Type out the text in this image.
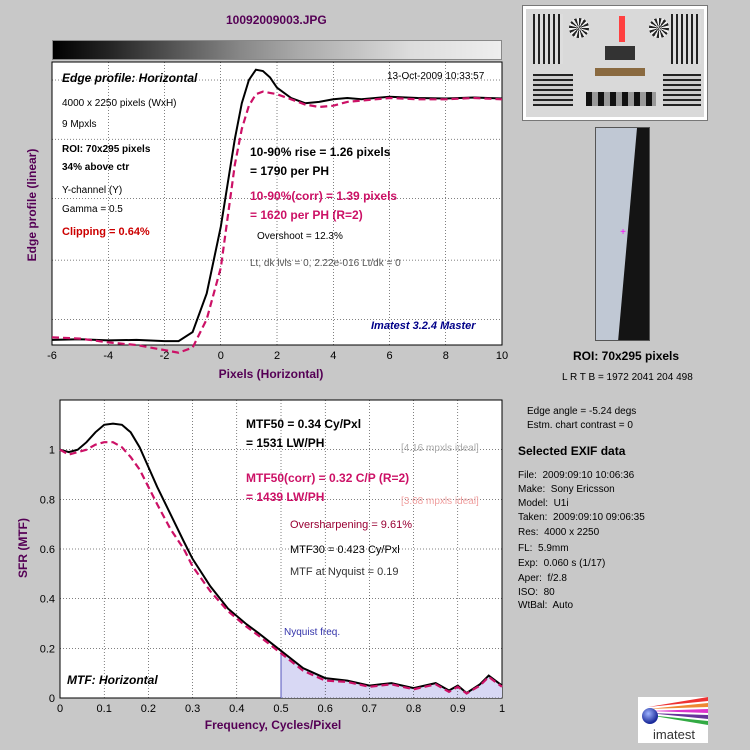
10092009003.JPG
-6	-4	-2	0	2	4	6	8	10
0	0.1	0.2	0.3	0.4	0.5	0.6	0.7	0.8	0.9	1
0
0.2
0.4
0.6
0.8
1
Edge profile (linear)
Pixels (Horizontal)
SFR (MTF)
Frequency, Cycles/Pixel
Edge profile: Horizontal	13-Oct-2009 10:33:57
4000 x 2250 pixels (WxH)
9 Mpxls
ROI: 70x295 pixels
34% above ctr
Y-channel (Y)
Gamma = 0.5
Clipping = 0.64%
10-90% rise = 1.26 pixels
= 1790 per PH
10-90%(corr) = 1.39 pixels
= 1620 per PH (R=2)
Overshoot = 12.3%
Lt, dk lvls = 0, 2.22e-016 Lt/dk = 0
Imatest 3.2.4 Master
MTF50 = 0.34 Cy/Pxl
= 1531 LW/PH	[4.16 mpxls ideal]
MTF50(corr) = 0.32 C/P (R=2)
= 1439 LW/PH	[3.68 mpxls ideal]
Oversharpening = 9.61%
MTF30 = 0.423 Cy/Pxl
MTF at Nyquist = 0.19
Nyquist freq.
MTF: Horizontal
+
ROI: 70x295 pixels
L R T B = 1972 2041 204 498
Edge angle = -5.24 degs
Estm. chart contrast = 0
Selected EXIF data
File: 2009:09:10 10:06:36
Make: Sony Ericsson
Model: U1i
Taken: 2009:09:10 09:06:35
Res: 4000 x 2250
FL: 5.9mm
Exp: 0.060 s (1/17)
Aper: f/2.8
ISO: 80
WtBal: Auto
imatest
